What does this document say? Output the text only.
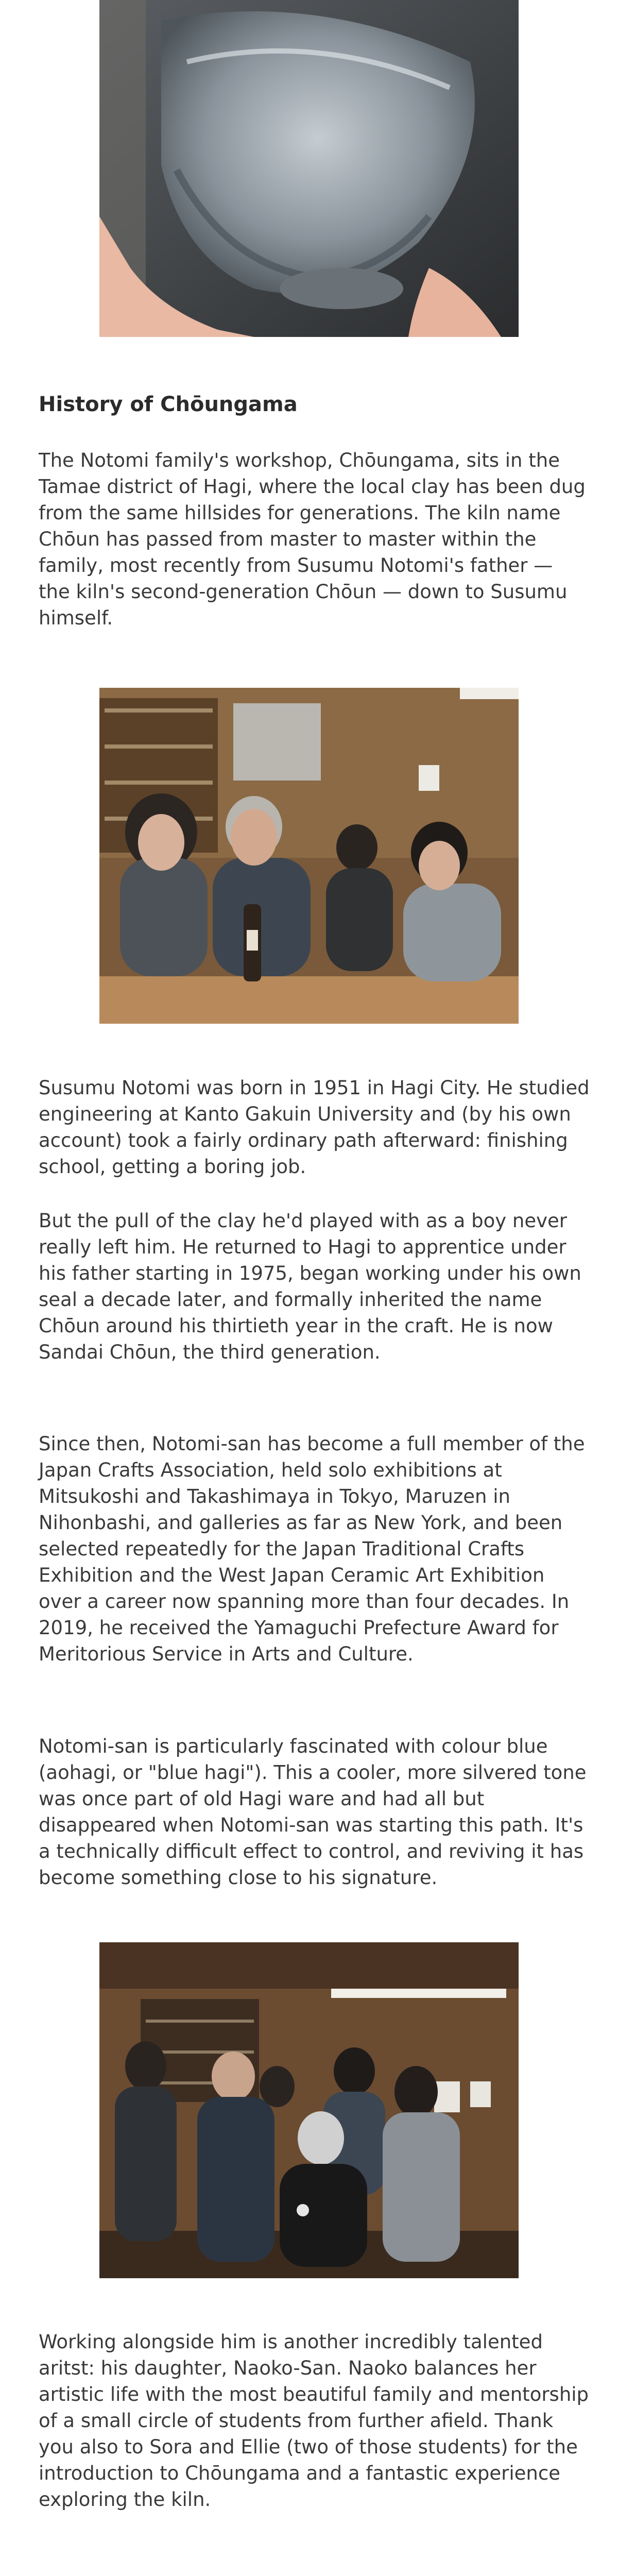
History of Chōungama

The Notomi family's workshop, Chōungama, sits in the Tamae district of Hagi, where the local clay has been dug from the same hillsides for generations. The kiln name Chōun has passed from master to master within the family, most recently from Susumu Notomi's father — the kiln's second-generation Chōun — down to Susumu himself.

Susumu Notomi was born in 1951 in Hagi City. He studied engineering at Kanto Gakuin University and (by his own account) took a fairly ordinary path afterward: finishing school, getting a boring job.

But the pull of the clay he'd played with as a boy never really left him. He returned to Hagi to apprentice under his father starting in 1975, began working under his own seal a decade later, and formally inherited the name Chōun around his thirtieth year in the craft. He is now Sandai Chōun, the third generation.

Since then, Notomi-san has become a full member of the Japan Crafts Association, held solo exhibitions at Mitsukoshi and Takashimaya in Tokyo, Maruzen in Nihonbashi, and galleries as far as New York, and been selected repeatedly for the Japan Traditional Crafts Exhibition and the West Japan Ceramic Art Exhibition over a career now spanning more than four decades. In 2019, he received the Yamaguchi Prefecture Award for Meritorious Service in Arts and Culture.

Notomi-san is particularly fascinated with colour blue (aohagi, or "blue hagi"). This a cooler, more silvered tone was once part of old Hagi ware and had all but disappeared when Notomi-san was starting this path. It's a technically difficult effect to control, and reviving it has become something close to his signature.

Working alongside him is another incredibly talented aritst: his daughter, Naoko-San. Naoko balances her artistic life with the most beautiful family and mentorship of a small circle of students from further afield. Thank you also to Sora and Ellie (two of those students) for the introduction to Chōungama and a fantastic experience exploring the kiln.
